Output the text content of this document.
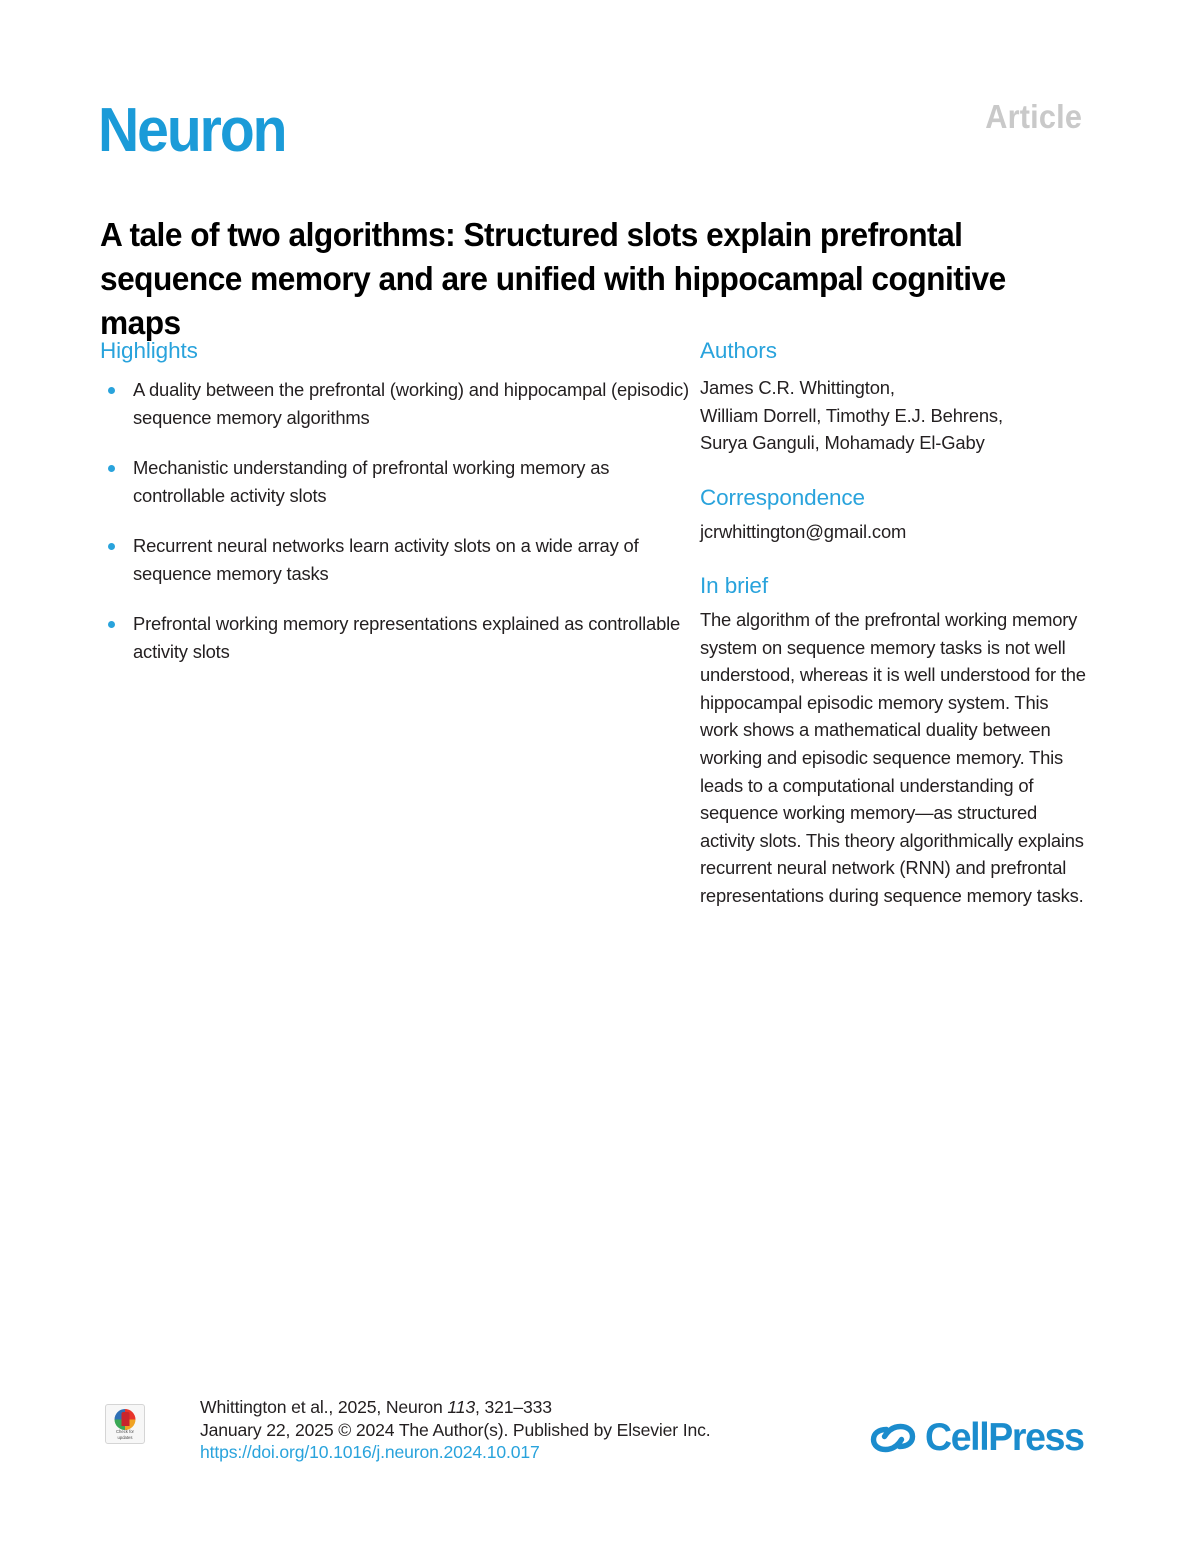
Neuron	Article
A tale of two algorithms: Structured slots explain prefrontal sequence memory and are unified with hippocampal cognitive maps
Highlights
A duality between the prefrontal (working) and hippocampal (episodic) sequence memory algorithms
Mechanistic understanding of prefrontal working memory as controllable activity slots
Recurrent neural networks learn activity slots on a wide array of sequence memory tasks
Prefrontal working memory representations explained as controllable activity slots
Authors
James C.R. Whittington,
William Dorrell, Timothy E.J. Behrens,
Surya Ganguli, Mohamady El-Gaby
Correspondence
jcrwhittington@gmail.com
In brief
The algorithm of the prefrontal working memory system on sequence memory tasks is not well understood, whereas it is well understood for the hippocampal episodic memory system. This work shows a mathematical duality between working and episodic sequence memory. This leads to a computational understanding of sequence working memory—as structured activity slots. This theory algorithmically explains recurrent neural network (RNN) and prefrontal representations during sequence memory tasks.
Check for
updates
Whittington et al., 2025, Neuron 113, 321–333
January 22, 2025 © 2024 The Author(s). Published by Elsevier Inc.
https://doi.org/10.1016/j.neuron.2024.10.017	CellPress
